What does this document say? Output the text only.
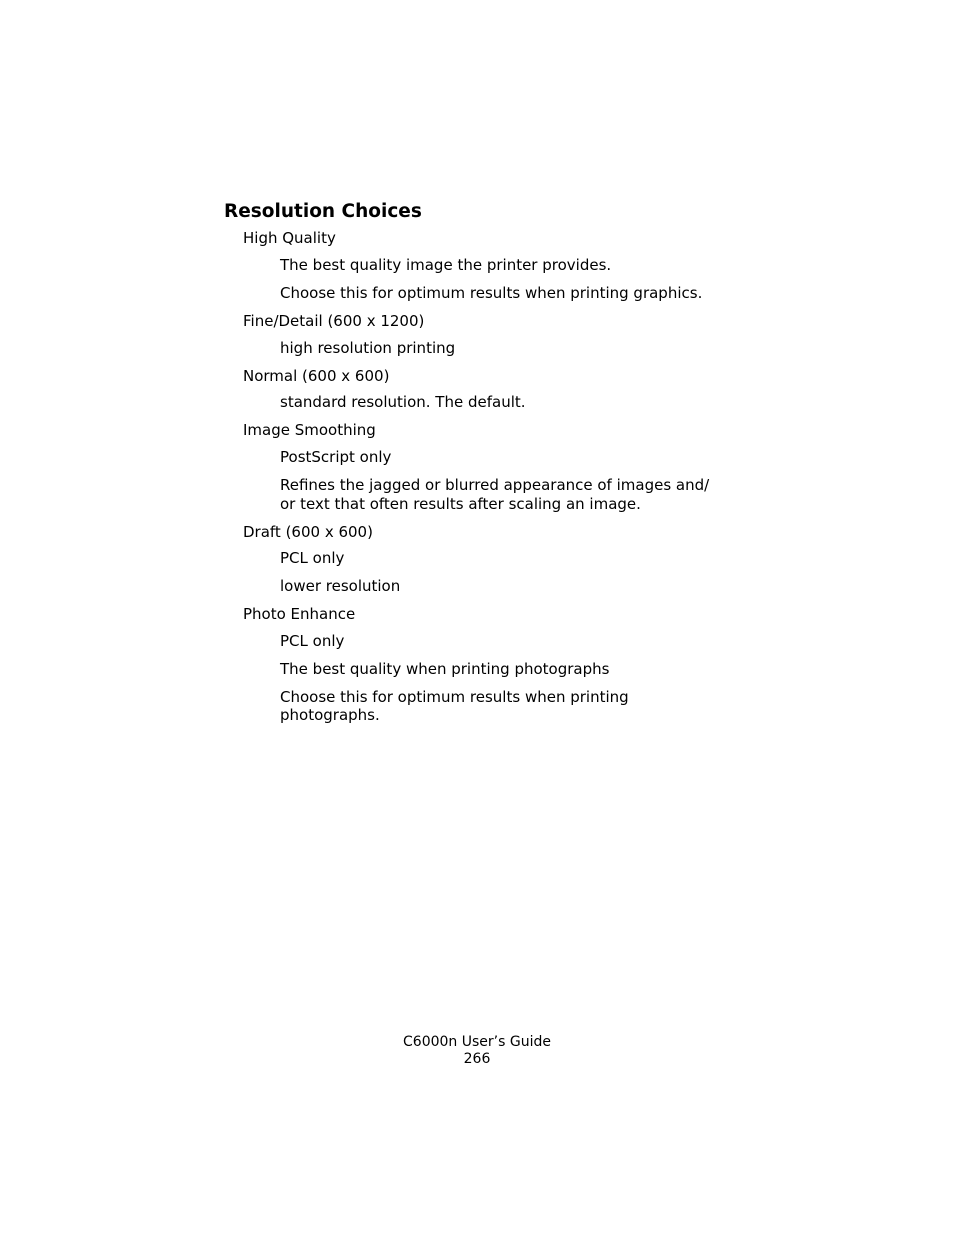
Resolution Choices

High Quality

The best quality image the printer provides.

Choose this for optimum results when printing graphics.

Fine/Detail (600 x 1200)

high resolution printing

Normal (600 x 600)

standard resolution. The default.

Image Smoothing

PostScript only

Refines the jagged or blurred appearance of images and/

or text that often results after scaling an image.

Draft (600 x 600)

PCL only

lower resolution

Photo Enhance

PCL only

The best quality when printing photographs

Choose this for optimum results when printing

photographs.

C6000n User’s Guide

266
